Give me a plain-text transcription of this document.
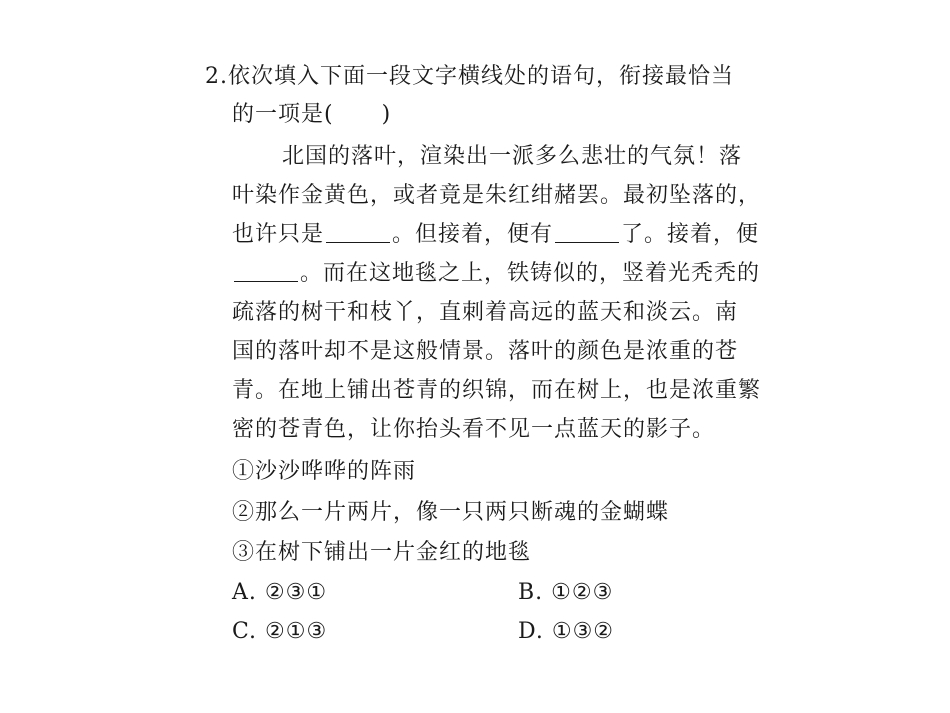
2.依次填入下面一段文字横线处的语句，衔接最恰当
的一项是( )
北国的落叶，渲染出一派多么悲壮的气氛！落
叶染作金黄色，或者竟是朱红绀赭罢。最初坠落的，
也许只是	。但接着，便有	了。接着，便
。而在这地毯之上，铁铸似的，竖着光秃秃的
疏落的树干和枝丫，直刺着高远的蓝天和淡云。南
国的落叶却不是这般情景。落叶的颜色是浓重的苍
青。在地上铺出苍青的织锦，而在树上，也是浓重繁
密的苍青色，让你抬头看不见一点蓝天的影子。
①沙沙哗哗的阵雨
②那么一片两片，像一只两只断魂的金蝴蝶
③在树下铺出一片金红的地毯
A. ②③①	B. ①②③
C. ②①③	D. ①③②
